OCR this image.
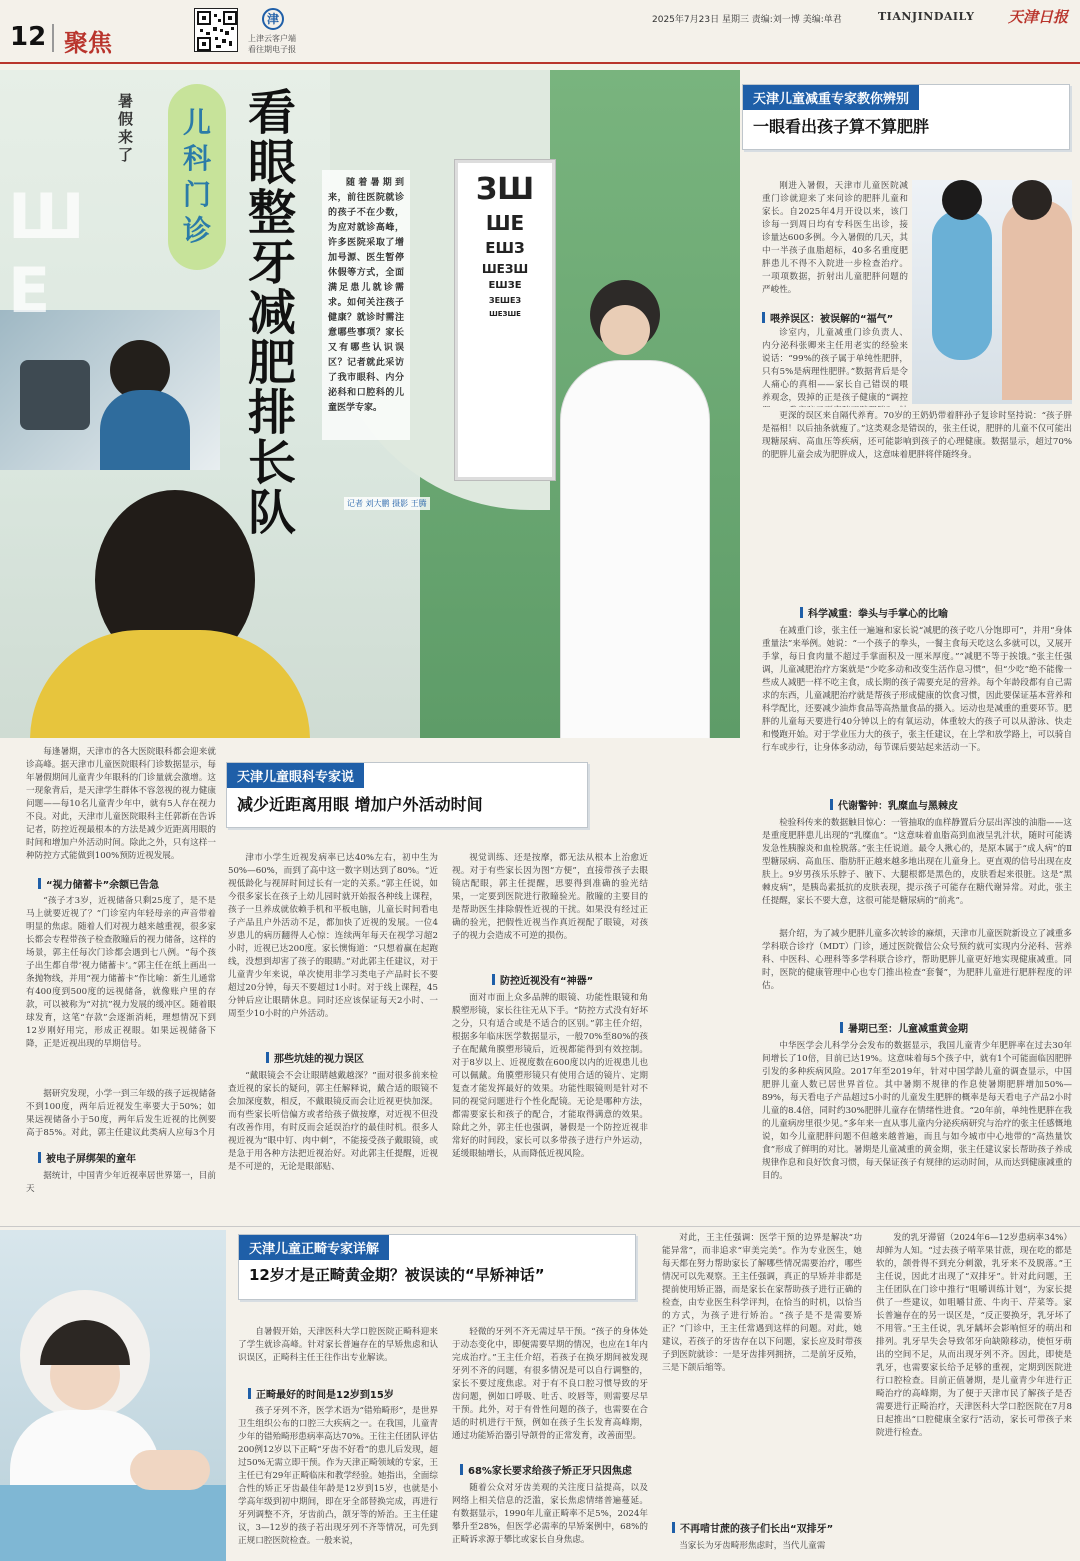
12 聚焦
津
上津云客户端
看往期电子报
2025年7月23日 星期三 责编:刘一博 美编:单君	TIANJINDAILY 天津日报
ЗШ
ШЕ
ЕШЗ
ШЕЗШ
ЕШЗЕ
ЗЕШЕЗ
ШЕЗШЕ
Ш
Е
暑假来了
儿科门诊
看眼 整牙 减肥 排长队
随着暑期到来，前往医院就诊的孩子不在少数，为应对就诊高峰，许多医院采取了增加号源、医生暂停休假等方式，全面满足患儿就诊需求。如何关注孩子健康？就诊时需注意哪些事项？家长又有哪些认识误区？记者就此采访了我市眼科、内分泌科和口腔科的儿童医学专家。
记者 刘大鹏 摄影 王腾
天津儿童减重专家教你辨别
一眼看出孩子算不算肥胖

刚进入暑假，天津市儿童医院减重门诊就迎来了来问诊的肥胖儿童和家长。自2025年4月开设以来，该门诊每一到周日均有专科医生出诊，接诊量达600多例。今入暑假的几天，其中一半孩子血脂超标，40多名重度肥胖患儿不得不入院进一步检查治疗。一项项数据，折射出儿童肥胖问题的严峻性。

喂养误区：被误解的“福气”

诊室内，儿童减重门诊负责人、内分泌科张卿来主任用老实的经验来说话：“99%的孩子属于单纯性肥胖，只有5%是病理性肥胖。”数据背后是令人痛心的真相——家长自己错误的喂养观念，毁掉的正是孩子健康的“调控

更深的误区来自隔代养育。70岁的王奶奶带着胖孙子复诊时坚持说：“孩子胖是福相！以后抽条就瘦了。”这类观念是错误的，张主任说，肥胖的儿童不仅可能出现糖尿病、高血压等疾病，还可能影响到孩子的心理健康。数据显示，超过70%的肥胖儿童会成为肥胖成人，这意味着肥胖将伴随终身。

科学减重：拳头与手掌心的比喻

在减重门诊，张主任一遍遍和家长说“减肥的孩子吃八分饱即可”，并用“身体重量法”来举例。她说：“一个孩子的拳头，一餐主食每天吃这么多就可以，又展开手掌，每日食肉量不超过手掌面积及一厘米厚度。”“减肥不等于挨饿。”张主任强调，儿童减肥治疗方案就是“少吃多动和改变生活作息习惯”，但“少吃”绝不能像一些成人减肥一样不吃主食，成长期的孩子需要充足的营养。每个年龄段都有自己需求的东西，儿童减肥治疗就是帮孩子形成健康的饮食习惯，因此要保证基本营养和科学配比，还要减少油炸食品等高热量食品的摄入。运动也是减重的重要环节。肥胖的儿童每天要进行40分钟以上的有氧运动，体重较大的孩子可以从游泳、快走和慢跑开始。对于学业压力大的孩子，张主任建议，在上学和放学路上，可以骑自行车或步行，让身体多动动，每节课后要站起来活动一下。

代谢警钟：乳糜血与黑棘皮

检验科传来的数据触目惊心：一管抽取的血样静置后分层出浑浊的油脂——这是重度肥胖患儿出现的“乳糜血”。“这意味着血脂高到血液呈乳汁状，随时可能诱发急性胰腺炎和血栓脱落。”张主任说道。最令人揪心的，是原本属于“成人病”的Ⅱ型糖尿病、高血压、脂肪肝正越来越多地出现在儿童身上。更直观的信号出现在皮肤上。9岁男孩乐乐脖子、腋下、大腿根都是黑色的，皮肤看起来很脏。这是“黑棘皮病”，是胰岛素抵抗的皮肤表现，提示孩子可能存在糖代谢异常。对此，张主任提醒，家长不要大意，这很可能是糖尿病的“前兆”。

据介绍，为了减少肥胖儿童多次转诊的麻烦，天津市儿童医院新设立了减重多学科联合诊疗（MDT）门诊，通过医院微信公众号预约就可实现内分泌科、营养科、中医科、心理科等多学科联合诊疗，帮助肥胖儿童更好地实现健康减重。同时，医院的健康管理中心也专门推出检查“套餐”，为肥胖儿童进行肥胖程度的评估。

暑期已至：儿童减重黄金期

中华医学会儿科学分会发布的数据显示，我国儿童青少年肥胖率在过去30年间增长了10倍，目前已达19%。这意味着每5个孩子中，就有1个可能面临因肥胖引发的多种疾病风险。2017年至2019年，针对中国学龄儿童的调查显示，中国肥胖儿童人数已居世界首位。其中暑期不规律的作息使暑期肥胖增加50%—89%，每天看电子产品超过5小时的儿童发生肥胖的概率是每天看电子产品2小时儿童的8.4倍，同时约30%肥胖儿童存在情绪性进食。“20年前，单纯性肥胖在我的儿童病房里很少见。”多年来一直从事儿童内分泌疾病研究与治疗的张主任感慨地说，如今儿童肥胖问题不但越来越普遍，而且与如今城市中心地带的“高热量饮食”形成了鲜明的对比。暑期是儿童减重的黄金期，张主任建议家长帮助孩子养成规律作息和良好饮食习惯，每天保证孩子有规律的运动时间，从而达到健康减重的目的。

天津儿童眼科专家说
减少近距离用眼 增加户外活动时间

每逢暑期，天津市的各大医院眼科都会迎来就诊高峰。据天津市儿童医院眼科门诊数据显示，每年暑假期间儿童青少年眼科的门诊量就会激增。这一现象背后，是天津学生群体不容忽视的视力健康问题——每10名儿童青少年中，就有5人存在视力不良。对此，天津市儿童医院眼科主任郭新在告诉记者，防控近视最根本的方法是减少近距离用眼的时间和增加户外活动时间。除此之外，只有这样一种防控方式能做到100%预防近视发展。

“视力储蓄卡”余额已告急

“孩子才3岁，近视储备只剩25度了，是不是马上就要近视了？”门诊室内年轻母亲的声音带着明显的焦虑。随着人们对视力越来越重视，很多家长都会专程带孩子检查散瞳后的视力储备，这样的场景，郭主任每次门诊都会遇到七八例。“每个孩子出生都自带‘视力储蓄卡’。”郭主任在纸上画出一条抛物线，并用“视力储蓄卡”作比喻：新生儿通常有400度到500度的远视储备，就像账户里的存款，可以被称为“对抗”视力发展的缓冲区。随着眼球发育，这笔“存款”会逐渐消耗，理想情况下到12岁刚好用完，形成正视眼。如果远视储备下降，正是近视出现的早期信号。

据研究发现，小学一到三年级的孩子远视储备不到100度，两年后近视发生率要大于50%；如果远视储备小于50度，两年后发生近视的比例要高于85%。对此，郭主任建议此类病人应每3个月

被电子屏绑架的童年

据统计，中国青少年近视率居世界第一，目前天

津市小学生近视发病率已达40%左右，初中生为50%—60%，而到了高中这一数字则达到了80%。“近视低龄化与视屏时间过长有一定的关系。”郭主任说，如今很多家长在孩子上幼儿园时就开始报各种线上课程，孩子一旦养成就依赖手机和平板电脑，儿童长时间看电子产品且户外活动不足，都加快了近视的发展。一位4岁患儿的病历翻得人心惊：连续两年每天在视学习超2小时，近视已达200度。家长懊悔道：“只想着赢在起跑线，没想到却害了孩子的眼睛。”对此郭主任建议，对于儿童青少年来说，单次使用非学习类电子产品时长不要超过20分钟，每天不要超过1小时。对于线上课程，45分钟后应让眼睛休息。同时还应该保证每天2小时、一周至少10小时的户外活动。

那些坑娃的视力误区

“戴眼镜会不会让眼睛越戴越深？”面对很多前来检查近视的家长的疑问，郭主任解释说，戴合适的眼镜不会加深度数，相反，不戴眼镜反而会让近视更快加深。而有些家长听信偏方或者给孩子做按摩，对近视不但没有改善作用，有时反而会延误治疗的最佳时机。很多人视近视为“眼中钉、肉中刺”，不能接受孩子戴眼镜，或是急于用各种方法把近视治好。对此郭主任提醒，近视是不可逆的，无论是眼部贴、

视觉训练、还是按摩，都无法从根本上治愈近视。对于有些家长因为图“方便”，直接带孩子去眼镜店配眼，郭主任提醒，思要得到准确的验光结果，一定要到医院进行散瞳验光。散瞳的主要目的是帮助医生排除假性近视的干扰。如果没有经过正确的验光，把假性近视当作真近视配了眼镜，对孩子的视力会造成不可逆的损伤。

防控近视没有“神器”

面对市面上众多品牌的眼镜、功能性眼镜和角膜塑形镜，家长往往无从下手。“防控方式没有好坏之分，只有适合或是不适合的区别。”郭主任介绍，根据多年临床医学数据显示，一般70%至80%的孩子在配戴角膜塑形镜后，近视都能得到有效控制。对于8岁以上、近视度数在600度以内的近视患儿也可以佩戴。角膜塑形镜只有使用合适的镜片、定期复查才能发挥最好的效果。功能性眼镜则是针对不同的视觉问题进行个性化配镜。无论是哪种方法，都需要家长和孩子的配合，才能取得满意的效果。除此之外，郭主任也强调，暑假是一个防控近视非常好的时间段，家长可以多带孩子进行户外运动，延缓眼轴增长，从而降低近视风险。

天津儿童正畸专家详解
12岁才是正畸黄金期？被误读的“早矫神话”

自暑假开始，天津医科大学口腔医院正畸科迎来了学生就诊高峰。针对家长普遍存在的早矫焦虑和认识误区，正畸科主任王往作出专业解读。

正畸最好的时间是12岁到15岁

孩子牙列不齐，医学术语为“错殆畸形”，是世界卫生组织公布的口腔三大疾病之一。在我国，儿童青少年的错殆畸形患病率高达70%。王往主任团队评估200例12岁以下正畸“牙齿不好看”的患儿后发现，超过50%无需立即干预。作为天津正畸领域的专家，王主任已有29年正畸临床和教学经验。她指出，全面综合性的矫正牙齿最佳年龄是12岁到15岁，也就是小学高年级到初中期间，即在牙全部替换完成，再进行牙列调整不齐，牙齿前凸，颌牙等的矫治。王主任建议，3—12岁的孩子若出现牙列不齐等情况，可先到正规口腔医院检查。一般来说，

轻微的牙列不齐无需过早干预。“孩子的身体处于动态变化中，即便需要早期的情况，也应在1年内完成治疗。”王主任介绍，若孩子在换牙期间被发现牙列不齐的问题，有很多情况是可以自行调整的，家长不要过度焦虑。对于有不良口腔习惯导致的牙齿问题，例如口呼吸、吐舌、咬唇等，则需要尽早干预。此外，对于有骨性问题的孩子，也需要在合适的时机进行干预，例如在孩子生长发育高峰期，通过功能矫治器引导颌骨的正常发育，改善面型。

68%家长要求给孩子矫正牙只因焦虑

随着公众对牙齿美观的关注度日益提高，以及网络上相关信息的泛滥，家长焦虑情绪普遍蔓延。有数据显示，1990年儿童正畸率不足5%，2024年攀升至28%，但医学必需率的早矫案例中，68%的正畸诉求源于攀比或家长自身焦虑。

对此，王主任强调：医学干预的边界是解决“功能异常”，而非追求“审美完美”。作为专业医生，她每天都在努力帮助家长了解哪些情况需要治疗，哪些情况可以先观察。王主任强调，真正的早矫并非都是提前使用矫正器，而是家长在家帮助孩子进行正确的检查，由专业医生科学评判，在恰当的时机，以恰当的方式，为孩子进行矫治。“孩子是不是需要矫正？”门诊中，王主任常遇到这样的问题。对此，她建议，若孩子的牙齿存在以下问题，家长应及时带孩子到医院就诊：一是牙齿排列拥挤，二是前牙反殆，三是下颌后缩等。

不再啃甘蔗的孩子们长出“双排牙”

当家长为牙齿畸形焦虑时，当代儿童需

发的乳牙滞留（2024年6—12岁患病率34%）却鲜为人知。“过去孩子啃苹果甘蔗，现在吃的都是软的，颌骨得不到充分刺激，乳牙来不及脱落。”王主任说，因此才出现了“双排牙”。针对此问题，王主任团队在门诊中推行“咀嚼训练计划”，为家长提供了一些建议，如咀嚼甘蔗、牛肉干、芹菜等。家长普遍存在的另一误区是，“反正要换牙，乳牙坏了不用管。”王主任说，乳牙龋坏会影响恒牙的萌出和排列。乳牙早失会导致邻牙向缺隙移动，使恒牙萌出的空间不足，从而出现牙列不齐。因此，即使是乳牙，也需要家长给予足够的重视，定期到医院进行口腔检查。目前正值暑期，是儿童青少年进行正畸治疗的高峰期，为了便于天津市民了解孩子是否需要进行正畸治疗，天津医科大学口腔医院在7月8日起推出“口腔健康全家行”活动，家长可带孩子来院进行检查。
